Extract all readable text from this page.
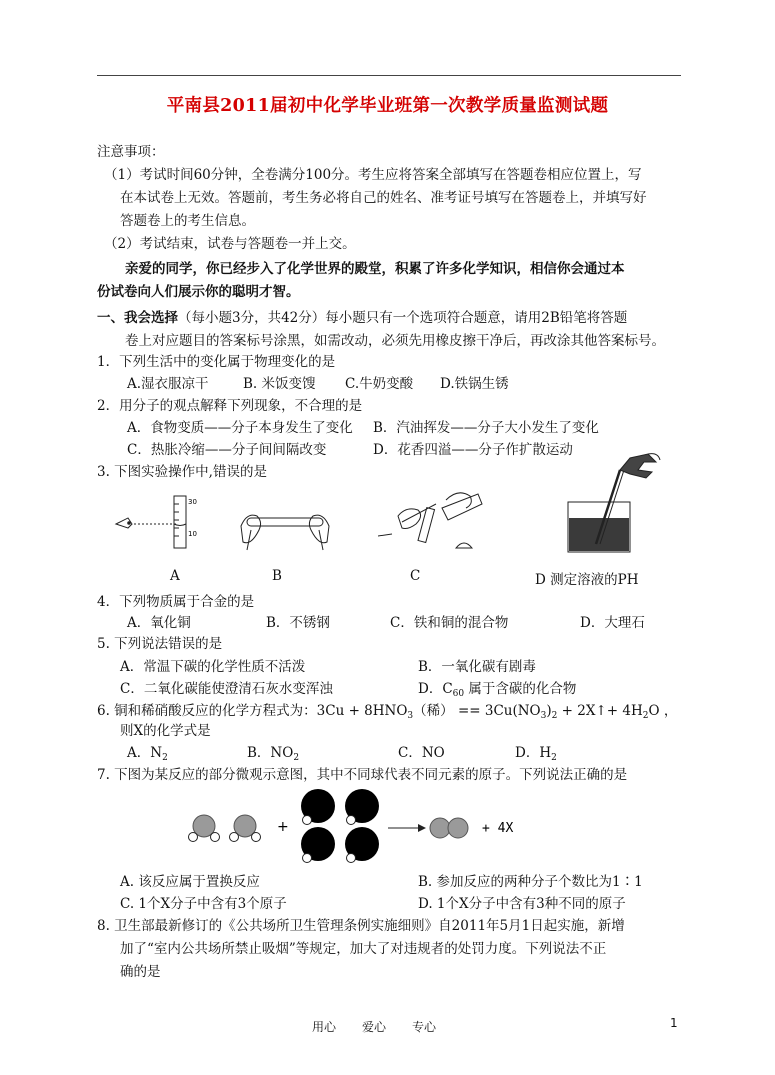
平南县2011届初中化学毕业班第一次教学质量监测试题
注意事项：
（1）考试时间60分钟，全卷满分100分。考生应将答案全部填写在答题卷相应位置上，写
在本试卷上无效。答题前，考生务必将自己的姓名、准考证号填写在答题卷上，并填写好
答题卷上的考生信息。
（2）考试结束，试卷与答题卷一并上交。
亲爱的同学，你已经步入了化学世界的殿堂，积累了许多化学知识，相信你会通过本
份试卷向人们展示你的聪明才智。
一、我会选择（每小题3分，共42分）每小题只有一个选项符合题意，请用2B铅笔将答题
卷上对应题目的答案标号涂黑，如需改动，必须先用橡皮擦干净后，再改涂其他答案标号。
1．下列生活中的变化属于物理变化的是
A.湿衣服凉干	B. 米饭变馊 C.牛奶变酸 D.铁锅生锈
2．用分子的观点解释下列现象，不合理的是
A．食物变质——分子本身发生了变化 B．汽油挥发——分子大小发生了变化
C．热胀冷缩——分子间间隔改变	D．花香四溢——分子作扩散运动
3. 下图实验操作中,错误的是
30
10
A	B	C	D 测定溶液的PH
4．下列物质属于合金的是
A．氧化铜	B．不锈钢	C．铁和铜的混合物	D．大理石
5. 下列说法错误的是
A．常温下碳的化学性质不活泼	B．一氧化碳有剧毒
C．二氧化碳能使澄清石灰水变浑浊	D．$C_{60}$ 属于含碳的化合物
6. 铜和稀硝酸反应的化学方程式为：$3Cu + 8HNO_3$（稀） == $3Cu(NO_3)_2$ + 2X↑+ $4H_2O$ ，
则X的化学式是
A．$N_2$	B．$NO_2$	C．NO	D．$H_2$
7. 下图为某反应的部分微观示意图，其中不同球代表不同元素的原子。下列说法正确的是
+	+ 4X
A. 该反应属于置换反应	B. 参加反应的两种分子个数比为1∶1
C. 1个X分子中含有3个原子	D. 1个X分子中含有3种不同的原子
8. 卫生部最新修订的《公共场所卫生管理条例实施细则》自2011年5月1日起实施，新增
加了“室内公共场所禁止吸烟”等规定，加大了对违规者的处罚力度。下列说法不正
确的是
用心 爱心 专心	1
